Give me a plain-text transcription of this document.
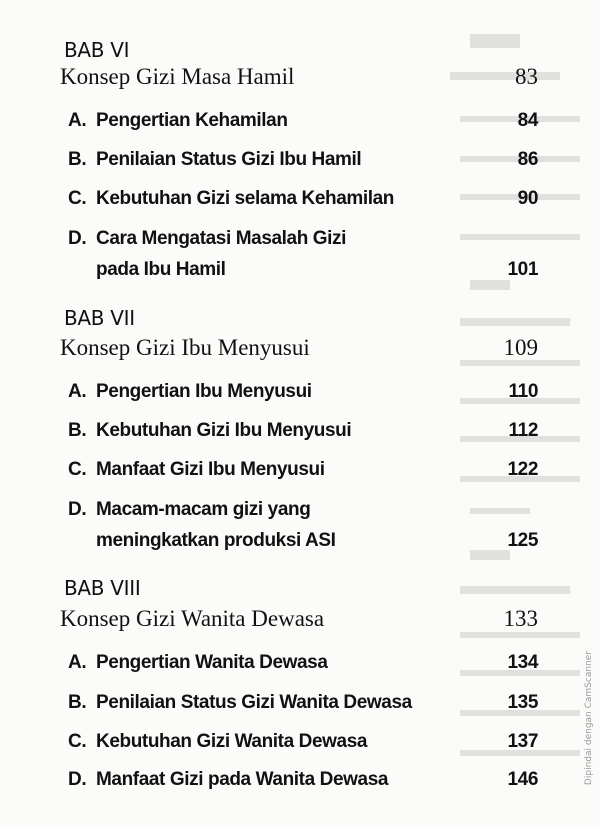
BAB VI
Konsep Gizi Masa Hamil	83
A. Pengertian Kehamilan	84
B. Penilaian Status Gizi Ibu Hamil	86
C. Kebutuhan Gizi selama Kehamilan	90
D. Cara Mengatasi Masalah Gizi
pada Ibu Hamil	101
BAB VII
Konsep Gizi Ibu Menyusui	109
A. Pengertian Ibu Menyusui	110
B. Kebutuhan Gizi Ibu Menyusui	112
C. Manfaat Gizi Ibu Menyusui	122
D. Macam-macam gizi yang
meningkatkan produksi ASI	125
BAB VIII
Konsep Gizi Wanita Dewasa	133
A. Pengertian Wanita Dewasa	134
B. Penilaian Status Gizi Wanita Dewasa	135
C. Kebutuhan Gizi Wanita Dewasa	137
D. Manfaat Gizi pada Wanita Dewasa	146	Dipindai dengan CamScanner
